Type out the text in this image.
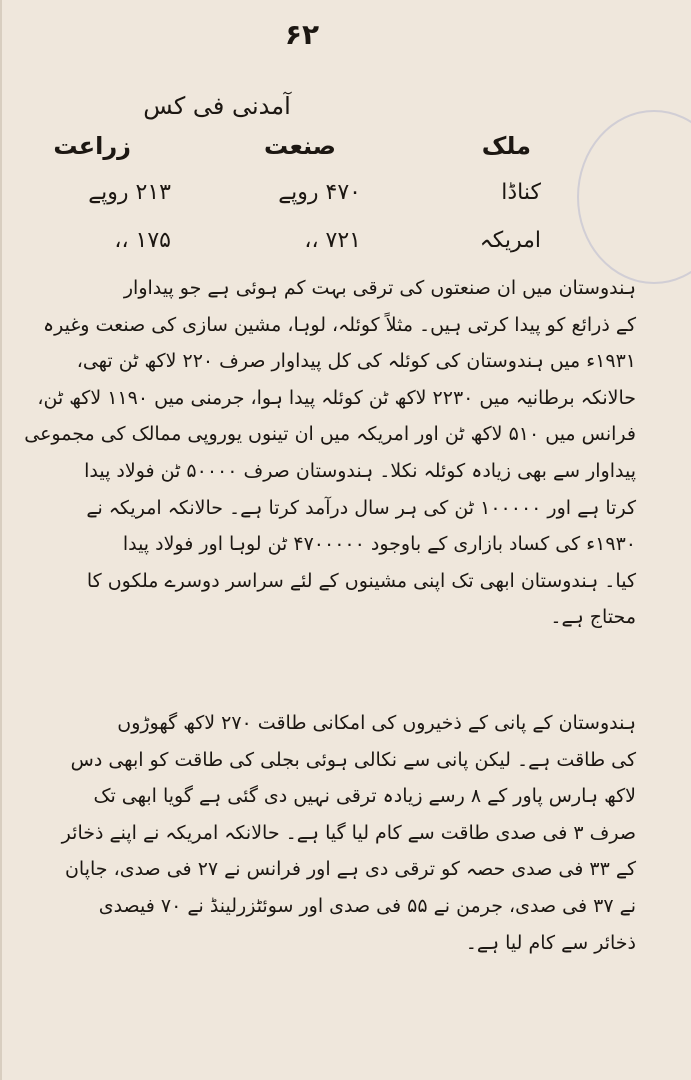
۶۲
آمدنی فی کس
ملک
صنعت
زراعت
کناڈا
۴۷۰ روپے
۲۱۳ روپے
امریکہ
۷۲۱ ،،
۱۷۵ ،،
ہندوستان میں ان صنعتوں کی ترقی بہت کم ہوئی ہے جو پیداوار
کے ذرائع کو پیدا کرتی ہیں۔ مثلاً کوئلہ، لوہا، مشین سازی کی صنعت وغیرہ
۱۹۳۱ء میں ہندوستان کی کوئلہ کی کل پیداوار صرف ۲۲۰ لاکھ ٹن تھی،
حالانکہ برطانیہ میں ۲۲۳۰ لاکھ ٹن کوئلہ پیدا ہوا، جرمنی میں ۱۱۹۰ لاکھ ٹن،
فرانس میں ۵۱۰ لاکھ ٹن اور امریکہ میں ان تینوں یوروپی ممالک کی مجموعی
پیداوار سے بھی زیادہ کوئلہ نکلا۔ ہندوستان صرف ۵۰۰۰۰ ٹن فولاد پیدا
کرتا ہے اور ۱۰۰۰۰۰ ٹن کی ہر سال درآمد کرتا ہے۔ حالانکہ امریکہ نے
۱۹۳۰ء کی کساد بازاری کے باوجود ۴۷۰۰۰۰۰ ٹن لوہا اور فولاد پیدا
کیا۔ ہندوستان ابھی تک اپنی مشینوں کے لئے سراسر دوسرے ملکوں کا
محتاج ہے۔
ہندوستان کے پانی کے ذخیروں کی امکانی طاقت ۲۷۰ لاکھ گھوڑوں
کی طاقت ہے۔ لیکن پانی سے نکالی ہوئی بجلی کی طاقت کو ابھی دس
لاکھ ہارس پاور کے ۸ رسے زیادہ ترقی نہیں دی گئی ہے گویا ابھی تک
صرف ۳ فی صدی طاقت سے کام لیا گیا ہے۔ حالانکہ امریکہ نے اپنے ذخائر
کے ۳۳ فی صدی حصہ کو ترقی دی ہے اور فرانس نے ۲۷ فی صدی، جاپان
نے ۳۷ فی صدی، جرمن نے ۵۵ فی صدی اور سوئٹزرلینڈ نے ۷۰ فیصدی
ذخائر سے کام لیا ہے۔
